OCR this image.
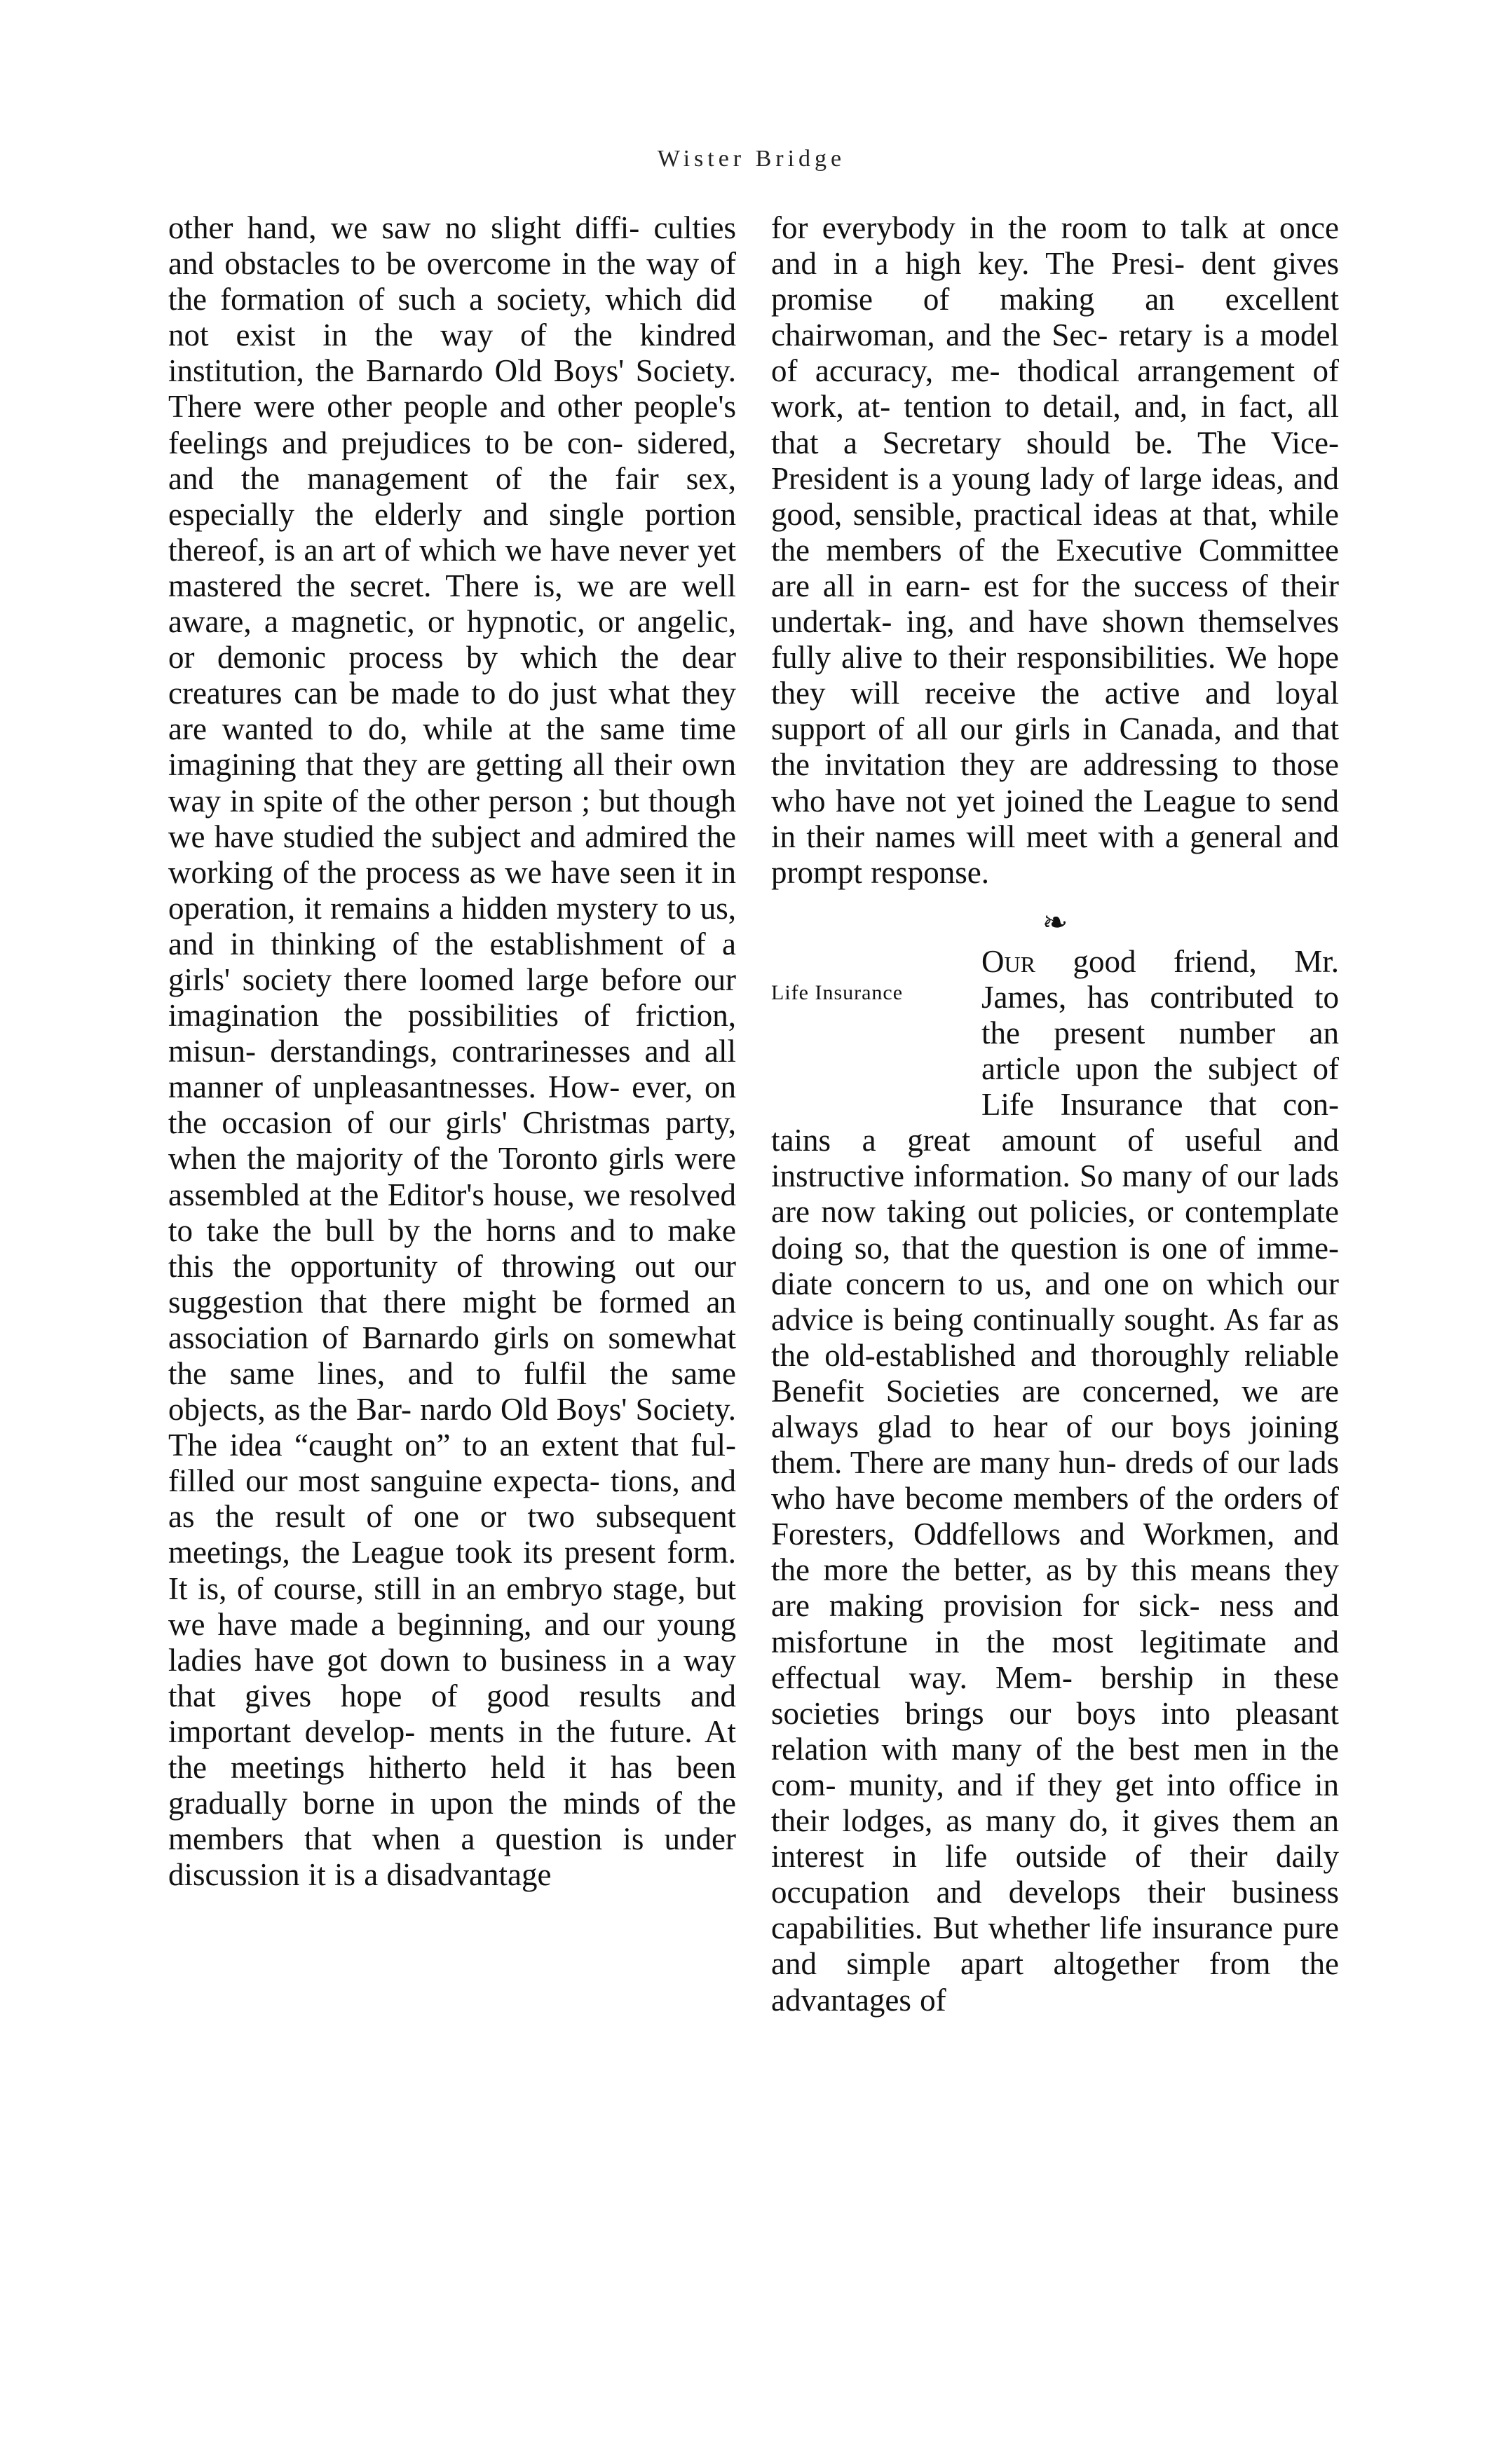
Wister Bridge

other hand, we saw no slight diffi- culties and obstacles to be overcome in the way of the formation of such a society, which did not exist in the way of the kindred institution, the Barnardo Old Boys' Society. There were other people and other people's feelings and prejudices to be con- sidered, and the management of the fair sex, especially the elderly and single portion thereof, is an art of which we have never yet mastered the secret. There is, we are well aware, a magnetic, or hypnotic, or angelic, or demonic process by which the dear creatures can be made to do just what they are wanted to do, while at the same time imagining that they are getting all their own way in spite of the other person ; but though we have studied the subject and admired the working of the process as we have seen it in operation, it remains a hidden mystery to us, and in thinking of the establishment of a girls' society there loomed large before our imagination the possibilities of friction, misun- derstandings, contrarinesses and all manner of unpleasantnesses. How- ever, on the occasion of our girls' Christmas party, when the majority of the Toronto girls were assembled at the Editor's house, we resolved to take the bull by the horns and to make this the opportunity of throwing out our suggestion that there might be formed an association of Barnardo girls on somewhat the same lines, and to fulfil the same objects, as the Bar- nardo Old Boys' Society. The idea “caught on” to an extent that ful- filled our most sanguine expecta- tions, and as the result of one or two subsequent meetings, the League took its present form. It is, of course, still in an embryo stage, but we have made a beginning, and our young ladies have got down to business in a way that gives hope of good results and important develop- ments in the future. At the meetings hitherto held it has been gradually borne in upon the minds of the members that when a question is under discussion it is a disadvantage

for everybody in the room to talk at once and in a high key. The Presi- dent gives promise of making an excellent chairwoman, and the Sec- retary is a model of accuracy, me- thodical arrangement of work, at- tention to detail, and, in fact, all that a Secretary should be. The Vice- President is a young lady of large ideas, and good, sensible, practical ideas at that, while the members of the Executive Committee are all in earn- est for the success of their undertak- ing, and have shown themselves fully alive to their responsibilities. We hope they will receive the active and loyal support of all our girls in Canada, and that the invitation they are addressing to those who have not yet joined the League to send in their names will meet with a general and prompt response.

❧
Life Insurance

Our good friend, Mr. James, has contributed to the present number an article upon the subject of Life Insurance that con- tains a great amount of useful and instructive information. So many of our lads are now taking out policies, or contemplate doing so, that the question is one of imme- diate concern to us, and one on which our advice is being continually sought. As far as the old-established and thoroughly reliable Benefit Societies are concerned, we are always glad to hear of our boys joining them. There are many hun- dreds of our lads who have become members of the orders of Foresters, Oddfellows and Workmen, and the more the better, as by this means they are making provision for sick- ness and misfortune in the most legitimate and effectual way. Mem- bership in these societies brings our boys into pleasant relation with many of the best men in the com- munity, and if they get into office in their lodges, as many do, it gives them an interest in life outside of their daily occupation and develops their business capabilities. But whether life insurance pure and simple apart altogether from the advantages of
